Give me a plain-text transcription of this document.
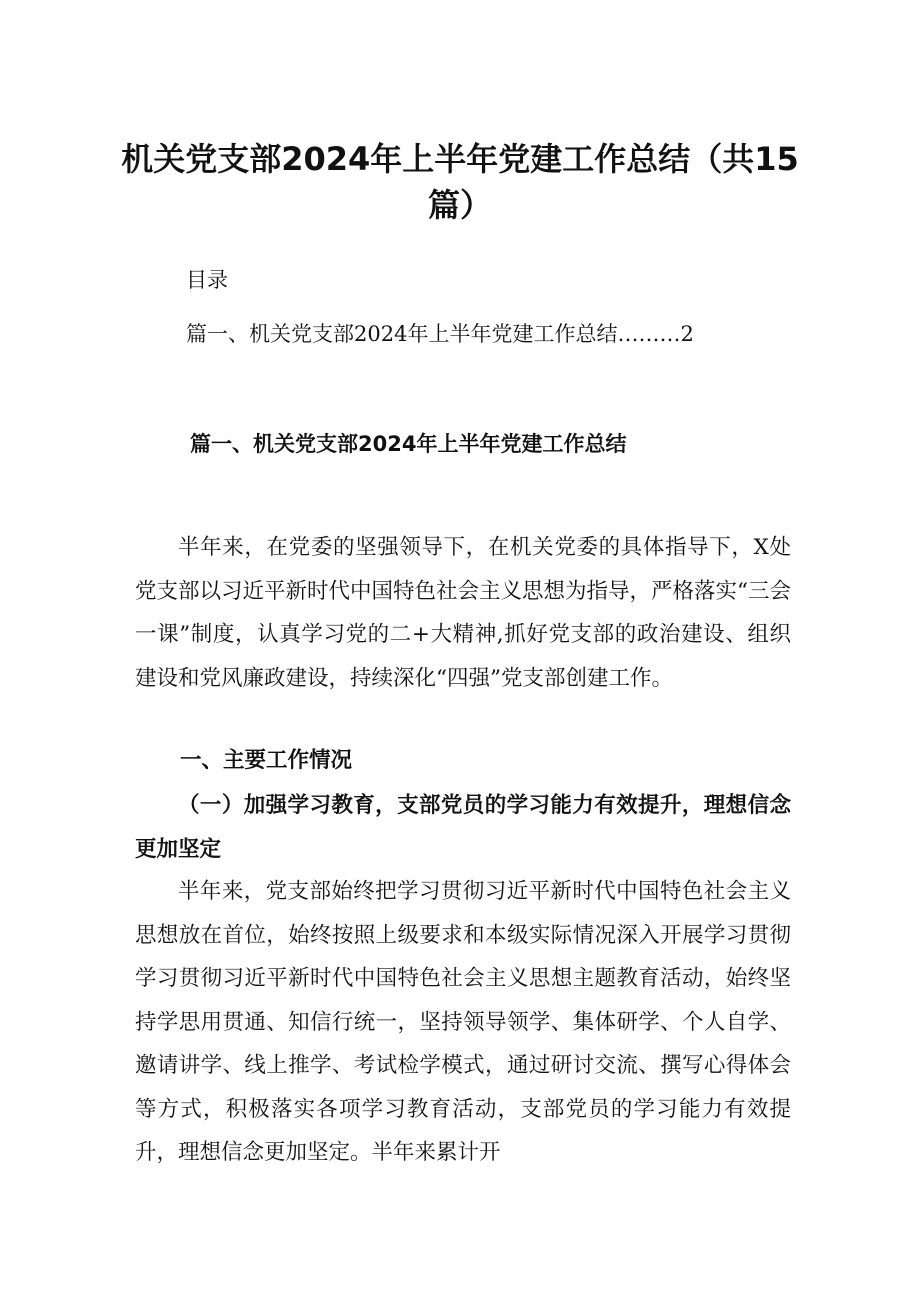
机关党支部2024年上半年党建工作总结（共15篇）

目录

篇一、机关党支部2024年上半年党建工作总结………2

篇一、机关党支部2024年上半年党建工作总结

半年来，在党委的坚强领导下，在机关党委的具体指导下，X处党支部以习近平新时代中国特色社会主义思想为指导，严格落实“三会一课”制度，认真学习党的二+大精神,抓好党支部的政治建设、组织建设和党风廉政建设，持续深化“四强”党支部创建工作。

一、主要工作情况
（一）加强学习教育，支部党员的学习能力有效提升，理想信念更加坚定

半年来，党支部始终把学习贯彻习近平新时代中国特色社会主义思想放在首位，始终按照上级要求和本级实际情况深入开展学习贯彻学习贯彻习近平新时代中国特色社会主义思想主题教育活动，始终坚持学思用贯通、知信行统一，坚持领导领学、集体研学、个人自学、邀请讲学、线上推学、考试检学模式，通过研讨交流、撰写心得体会等方式，积极落实各项学习教育活动，支部党员的学习能力有效提升，理想信念更加坚定。半年来累计开
